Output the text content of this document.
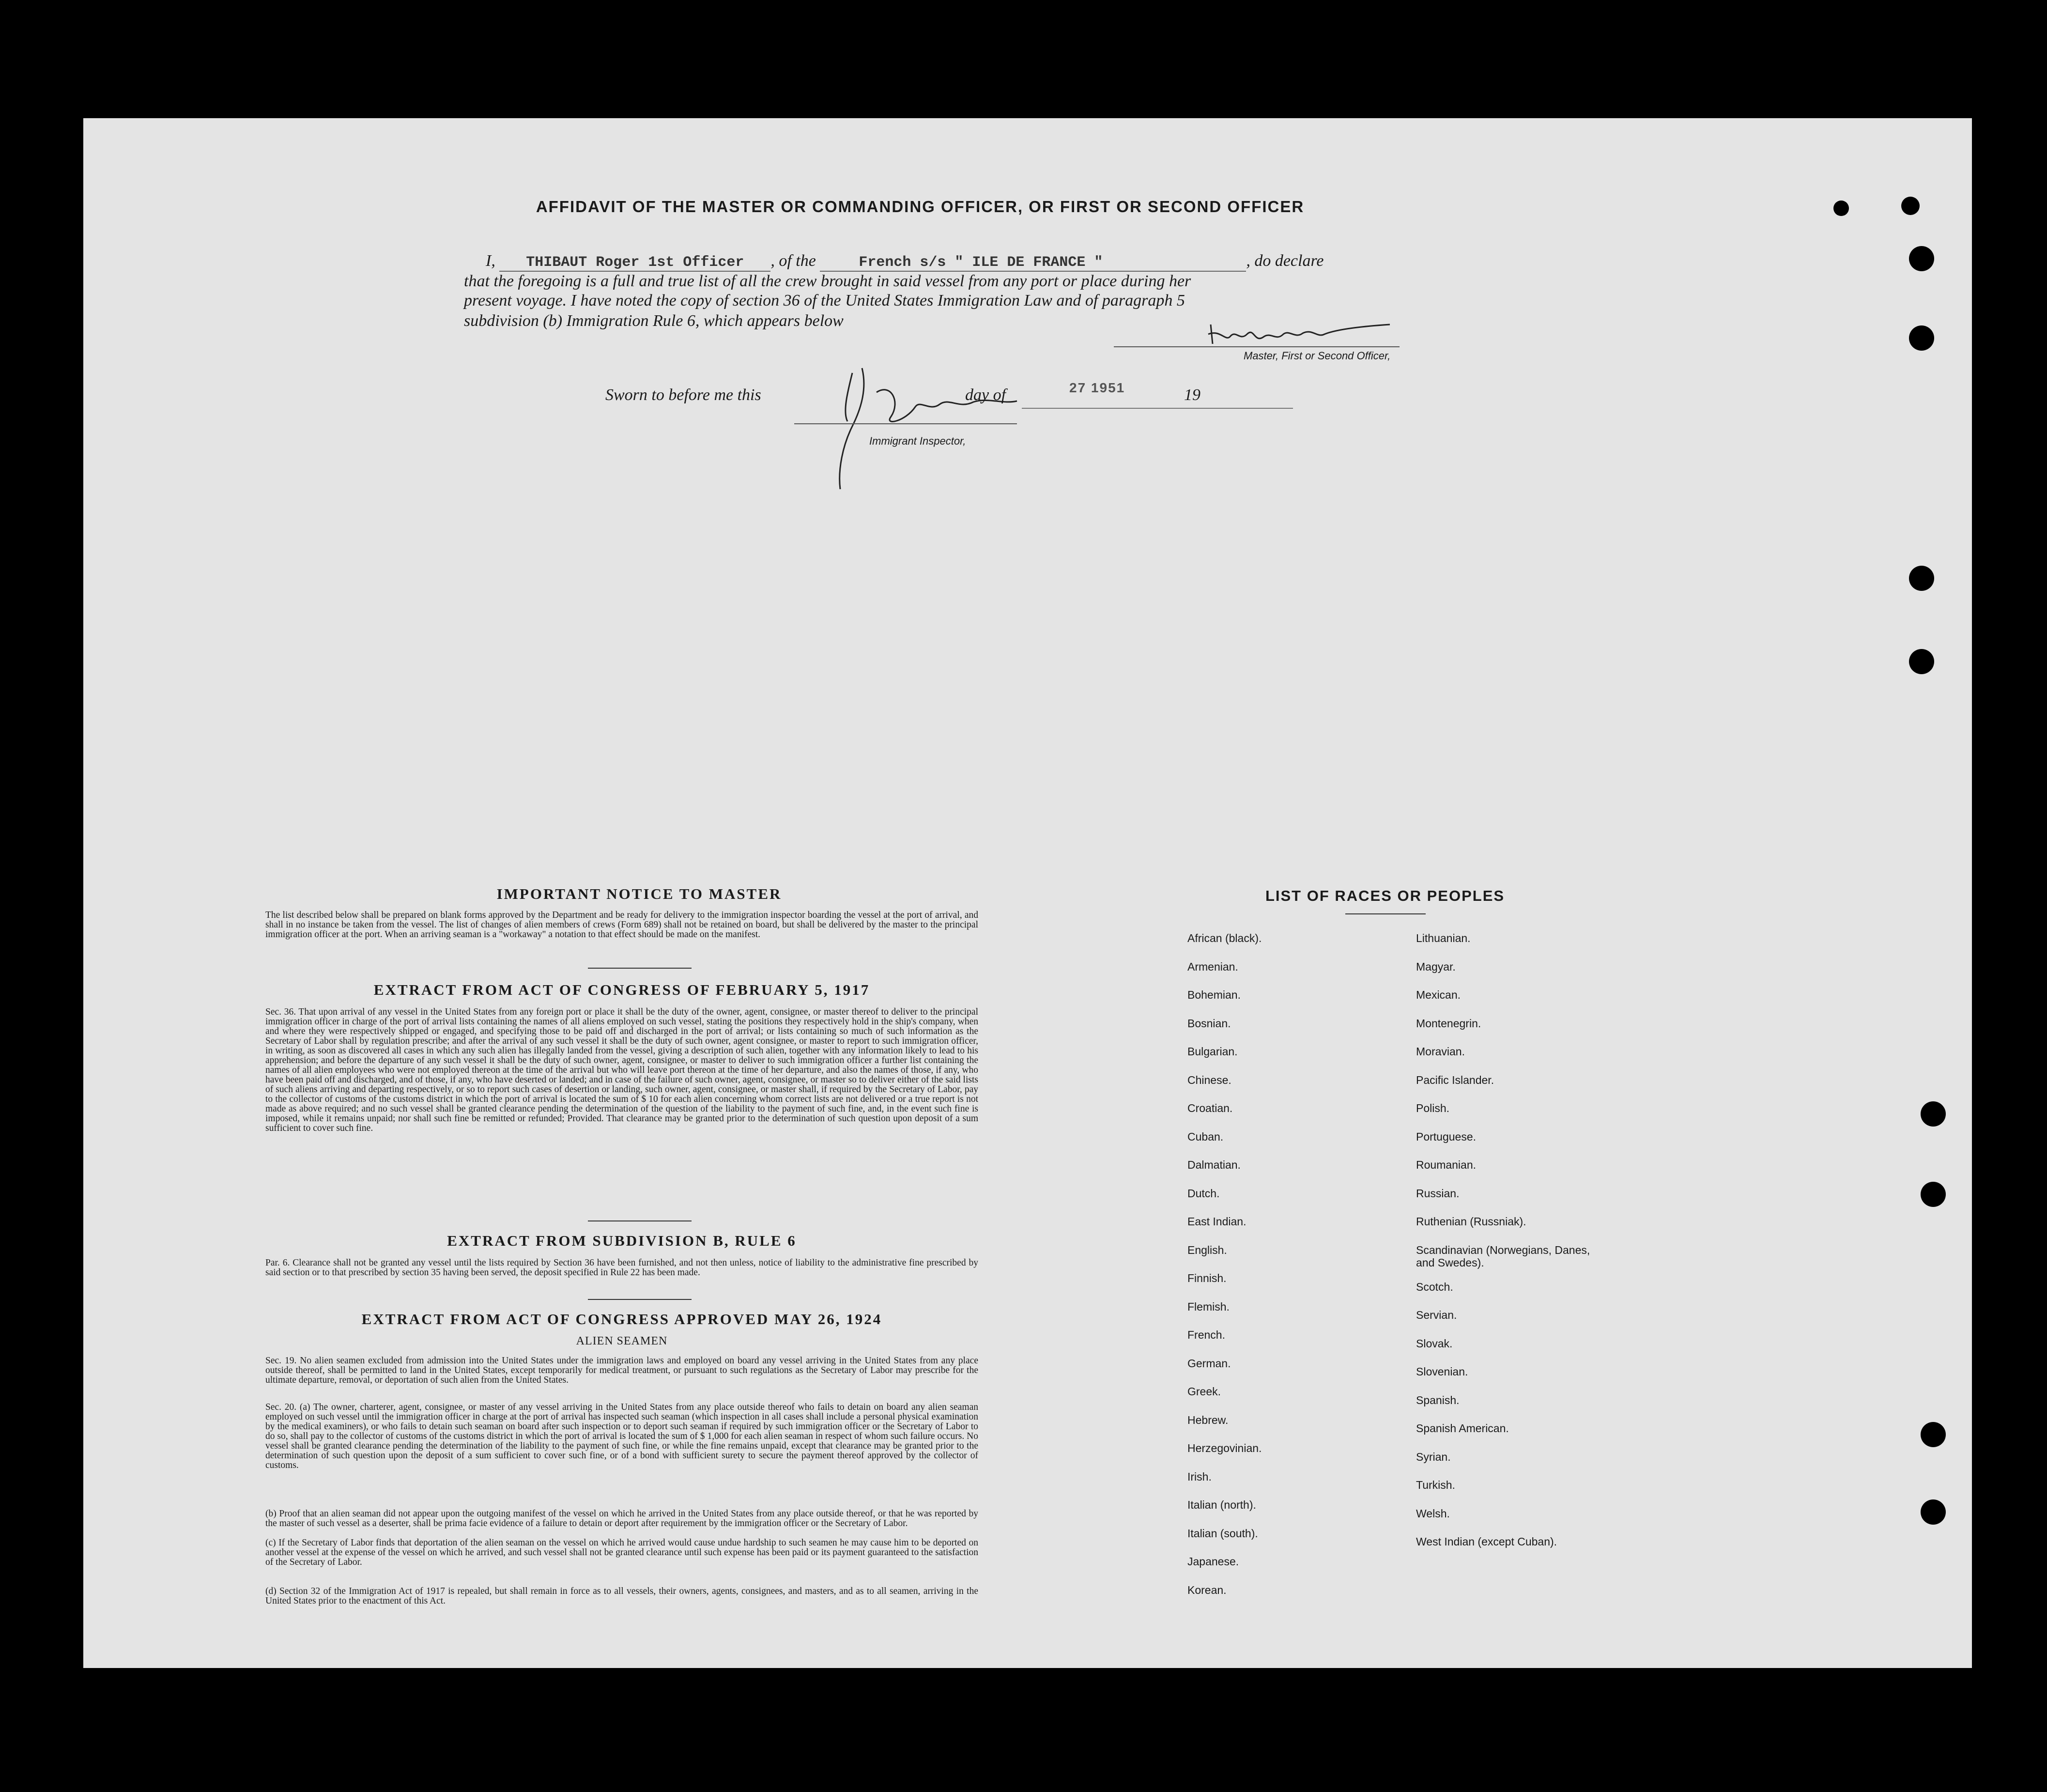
AFFIDAVIT OF THE MASTER OR COMMANDING OFFICER, OR FIRST OR SECOND OFFICER
I, THIBAUT Roger 1st Officer , of the	French s/s " ILE DE FRANCE "	, do declare
that the foregoing is a full and true list of all the crew brought in said vessel from any port or place during her
present voyage. I have noted the copy of section 36 of the United States Immigration Law and of paragraph 5
subdivision (b) Immigration Rule 6, which appears below
Master, First or Second Officer,
Sworn to before me this	day of	27 1951	19
Immigrant Inspector,
IMPORTANT NOTICE TO MASTER

The list described below shall be prepared on blank forms approved by the Department and be ready for delivery to the immigration inspector boarding the vessel at the port of arrival, and shall in no instance be taken from the vessel. The list of changes of alien members of crews (Form 689) shall not be retained on board, but shall be delivered by the master to the principal immigration officer at the port. When an arriving seaman is a "workaway" a notation to that effect should be made on the manifest.

EXTRACT FROM ACT OF CONGRESS OF FEBRUARY 5, 1917

Sec. 36. That upon arrival of any vessel in the United States from any foreign port or place it shall be the duty of the owner, agent, consignee, or master thereof to deliver to the principal immigration officer in charge of the port of arrival lists containing the names of all aliens employed on such vessel, stating the positions they respectively hold in the ship's company, when and where they were respectively shipped or engaged, and specifying those to be paid off and discharged in the port of arrival; or lists containing so much of such information as the Secretary of Labor shall by regulation prescribe; and after the arrival of any such vessel it shall be the duty of such owner, agent consignee, or master to report to such immigration officer, in writing, as soon as discovered all cases in which any such alien has illegally landed from the vessel, giving a description of such alien, together with any information likely to lead to his apprehension; and before the departure of any such vessel it shall be the duty of such owner, agent, consignee, or master to deliver to such immigration officer a further list containing the names of all alien employees who were not employed thereon at the time of the arrival but who will leave port thereon at the time of her departure, and also the names of those, if any, who have been paid off and discharged, and of those, if any, who have deserted or landed; and in case of the failure of such owner, agent, consignee, or master so to deliver either of the said lists of such aliens arriving and departing respectively, or so to report such cases of desertion or landing, such owner, agent, consignee, or master shall, if required by the Secretary of Labor, pay to the collector of customs of the customs district in which the port of arrival is located the sum of $ 10 for each alien concerning whom correct lists are not delivered or a true report is not made as above required; and no such vessel shall be granted clearance pending the determination of the question of the liability to the payment of such fine, and, in the event such fine is imposed, while it remains unpaid; nor shall such fine be remitted or refunded; Provided. That clearance may be granted prior to the determination of such question upon deposit of a sum sufficient to cover such fine.

EXTRACT FROM SUBDIVISION B, RULE 6

Par. 6. Clearance shall not be granted any vessel until the lists required by Section 36 have been furnished, and not then unless, notice of liability to the administrative fine prescribed by said section or to that prescribed by section 35 having been served, the deposit specified in Rule 22 has been made.

EXTRACT FROM ACT OF CONGRESS APPROVED MAY 26, 1924
ALIEN SEAMEN

Sec. 19. No alien seamen excluded from admission into the United States under the immigration laws and employed on board any vessel arriving in the United States from any place outside thereof, shall be permitted to land in the United States, except temporarily for medical treatment, or pursuant to such regulations as the Secretary of Labor may prescribe for the ultimate departure, removal, or deportation of such alien from the United States.

Sec. 20. (a) The owner, charterer, agent, consignee, or master of any vessel arriving in the United States from any place outside thereof who fails to detain on board any alien seaman employed on such vessel until the immigration officer in charge at the port of arrival has inspected such seaman (which inspection in all cases shall include a personal physical examination by the medical examiners), or who fails to detain such seaman on board after such inspection or to deport such seaman if required by such immigration officer or the Secretary of Labor to do so, shall pay to the collector of customs of the customs district in which the port of arrival is located the sum of $ 1,000 for each alien seaman in respect of whom such failure occurs. No vessel shall be granted clearance pending the determination of the liability to the payment of such fine, or while the fine remains unpaid, except that clearance may be granted prior to the determination of such question upon the deposit of a sum sufficient to cover such fine, or of a bond with sufficient surety to secure the payment thereof approved by the collector of customs.

(b) Proof that an alien seaman did not appear upon the outgoing manifest of the vessel on which he arrived in the United States from any place outside thereof, or that he was reported by the master of such vessel as a deserter, shall be prima facie evidence of a failure to detain or deport after requirement by the immigration officer or the Secretary of Labor.

(c) If the Secretary of Labor finds that deportation of the alien seaman on the vessel on which he arrived would cause undue hardship to such seamen he may cause him to be deported on another vessel at the expense of the vessel on which he arrived, and such vessel shall not be granted clearance until such expense has been paid or its payment guaranteed to the satisfaction of the Secretary of Labor.

(d) Section 32 of the Immigration Act of 1917 is repealed, but shall remain in force as to all vessels, their owners, agents, consignees, and masters, and as to all seamen, arriving in the United States prior to the enactment of this Act.

LIST OF RACES OR PEOPLES
African (black).
Armenian.
Bohemian.
Bosnian.
Bulgarian.
Chinese.
Croatian.
Cuban.
Dalmatian.
Dutch.
East Indian.
English.
Finnish.
Flemish.
French.
German.
Greek.
Hebrew.
Herzegovinian.
Irish.
Italian (north).
Italian (south).
Japanese.
Korean.
Lithuanian.
Magyar.
Mexican.
Montenegrin.
Moravian.
Pacific Islander.
Polish.
Portuguese.
Roumanian.
Russian.
Ruthenian (Russniak).
Scandinavian (Norwegians, Danes, and Swedes).
Scotch.
Servian.
Slovak.
Slovenian.
Spanish.
Spanish American.
Syrian.
Turkish.
Welsh.
West Indian (except Cuban).
